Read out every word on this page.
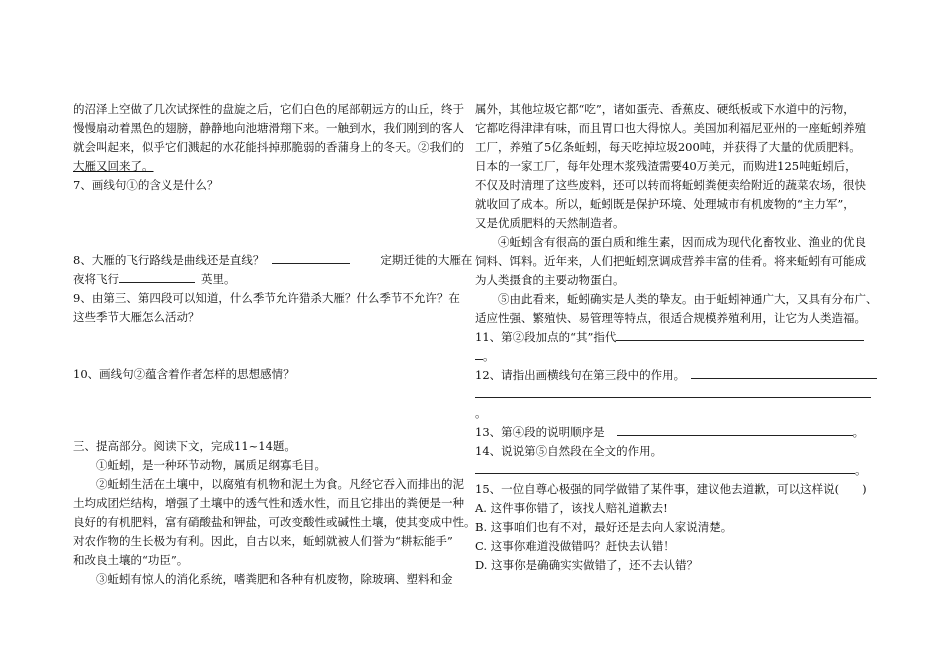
的沼泽上空做了几次试探性的盘旋之后，它们白色的尾部朝远方的山丘，终于
慢慢扇动着黑色的翅膀，静静地向池塘滑翔下来。一触到水，我们刚到的客人
就会叫起来，似乎它们溅起的水花能抖掉那脆弱的香蒲身上的冬天。②我们的
大雁又回来了。
7、画线句①的含义是什么？
8、大雁的飞行路线是曲线还是直线？	定期迁徙的大雁在
夜将飞行	英里。
9、由第三、第四段可以知道，什么季节允许猎杀大雁？什么季节不允许？在
这些季节大雁怎么活动？
10、画线句②蕴含着作者怎样的思想感情？
三、提高部分。阅读下文，完成11~14题。
①蚯蚓，是一种环节动物，属质足纲寡毛目。
②蚯蚓生活在土壤中，以腐殖有机物和泥土为食。凡经它吞入而排出的泥
土均成团烂结构，增强了土壤中的透气性和透水性，而且它排出的粪便是一种
良好的有机肥料，富有硝酸盐和钾盐，可改变酸性或碱性土壤，使其变成中性。
对农作物的生长极为有利。因此，自古以来，蚯蚓就被人们誉为“耕耘能手”
和改良土壤的“功臣”。
③蚯蚓有惊人的消化系统，嗜粪肥和各种有机废物，除玻璃、塑料和金
属外，其他垃圾它都“吃”，诸如蛋壳、香蕉皮、硬纸板或下水道中的污物，
它都吃得津津有味，而且胃口也大得惊人。美国加利福尼亚州的一座蚯蚓养殖
工厂，养殖了5亿条蚯蚓，每天吃掉垃圾200吨，并获得了大量的优质肥料。
日本的一家工厂，每年处理木浆残渣需要40万美元，而购进125吨蚯蚓后，
不仅及时清理了这些废料，还可以转而将蚯蚓粪便卖给附近的蔬菜农场，很快
就收回了成本。所以，蚯蚓既是保护环境、处理城市有机废物的“主力军”，
又是优质肥料的天然制造者。
④蚯蚓含有很高的蛋白质和维生素，因而成为现代化畜牧业、渔业的优良
饲料、饵料。近年来，人们把蚯蚓烹调成营养丰富的佳肴。将来蚯蚓有可能成
为人类摄食的主要动物蛋白。
⑤由此看来，蚯蚓确实是人类的挚友。由于蚯蚓神通广大，又具有分布广、
适应性强、繁殖快、易管理等特点，很适合规模养殖利用，让它为人类造福。
11、第②段加点的“其”指代
。
12、请指出画横线句在第三段中的作用。
。
13、第④段的说明顺序是	。
14、说说第⑤自然段在全文的作用。
。
15、一位自尊心极强的同学做错了某件事，建议他去道歉，可以这样说(　　)
A. 这件事你错了，该找人赔礼道歉去!
B. 这事咱们也有不对，最好还是去向人家说清楚。
C. 这事你难道没做错吗？赶快去认错！
D. 这事你是确确实实做错了，还不去认错？
